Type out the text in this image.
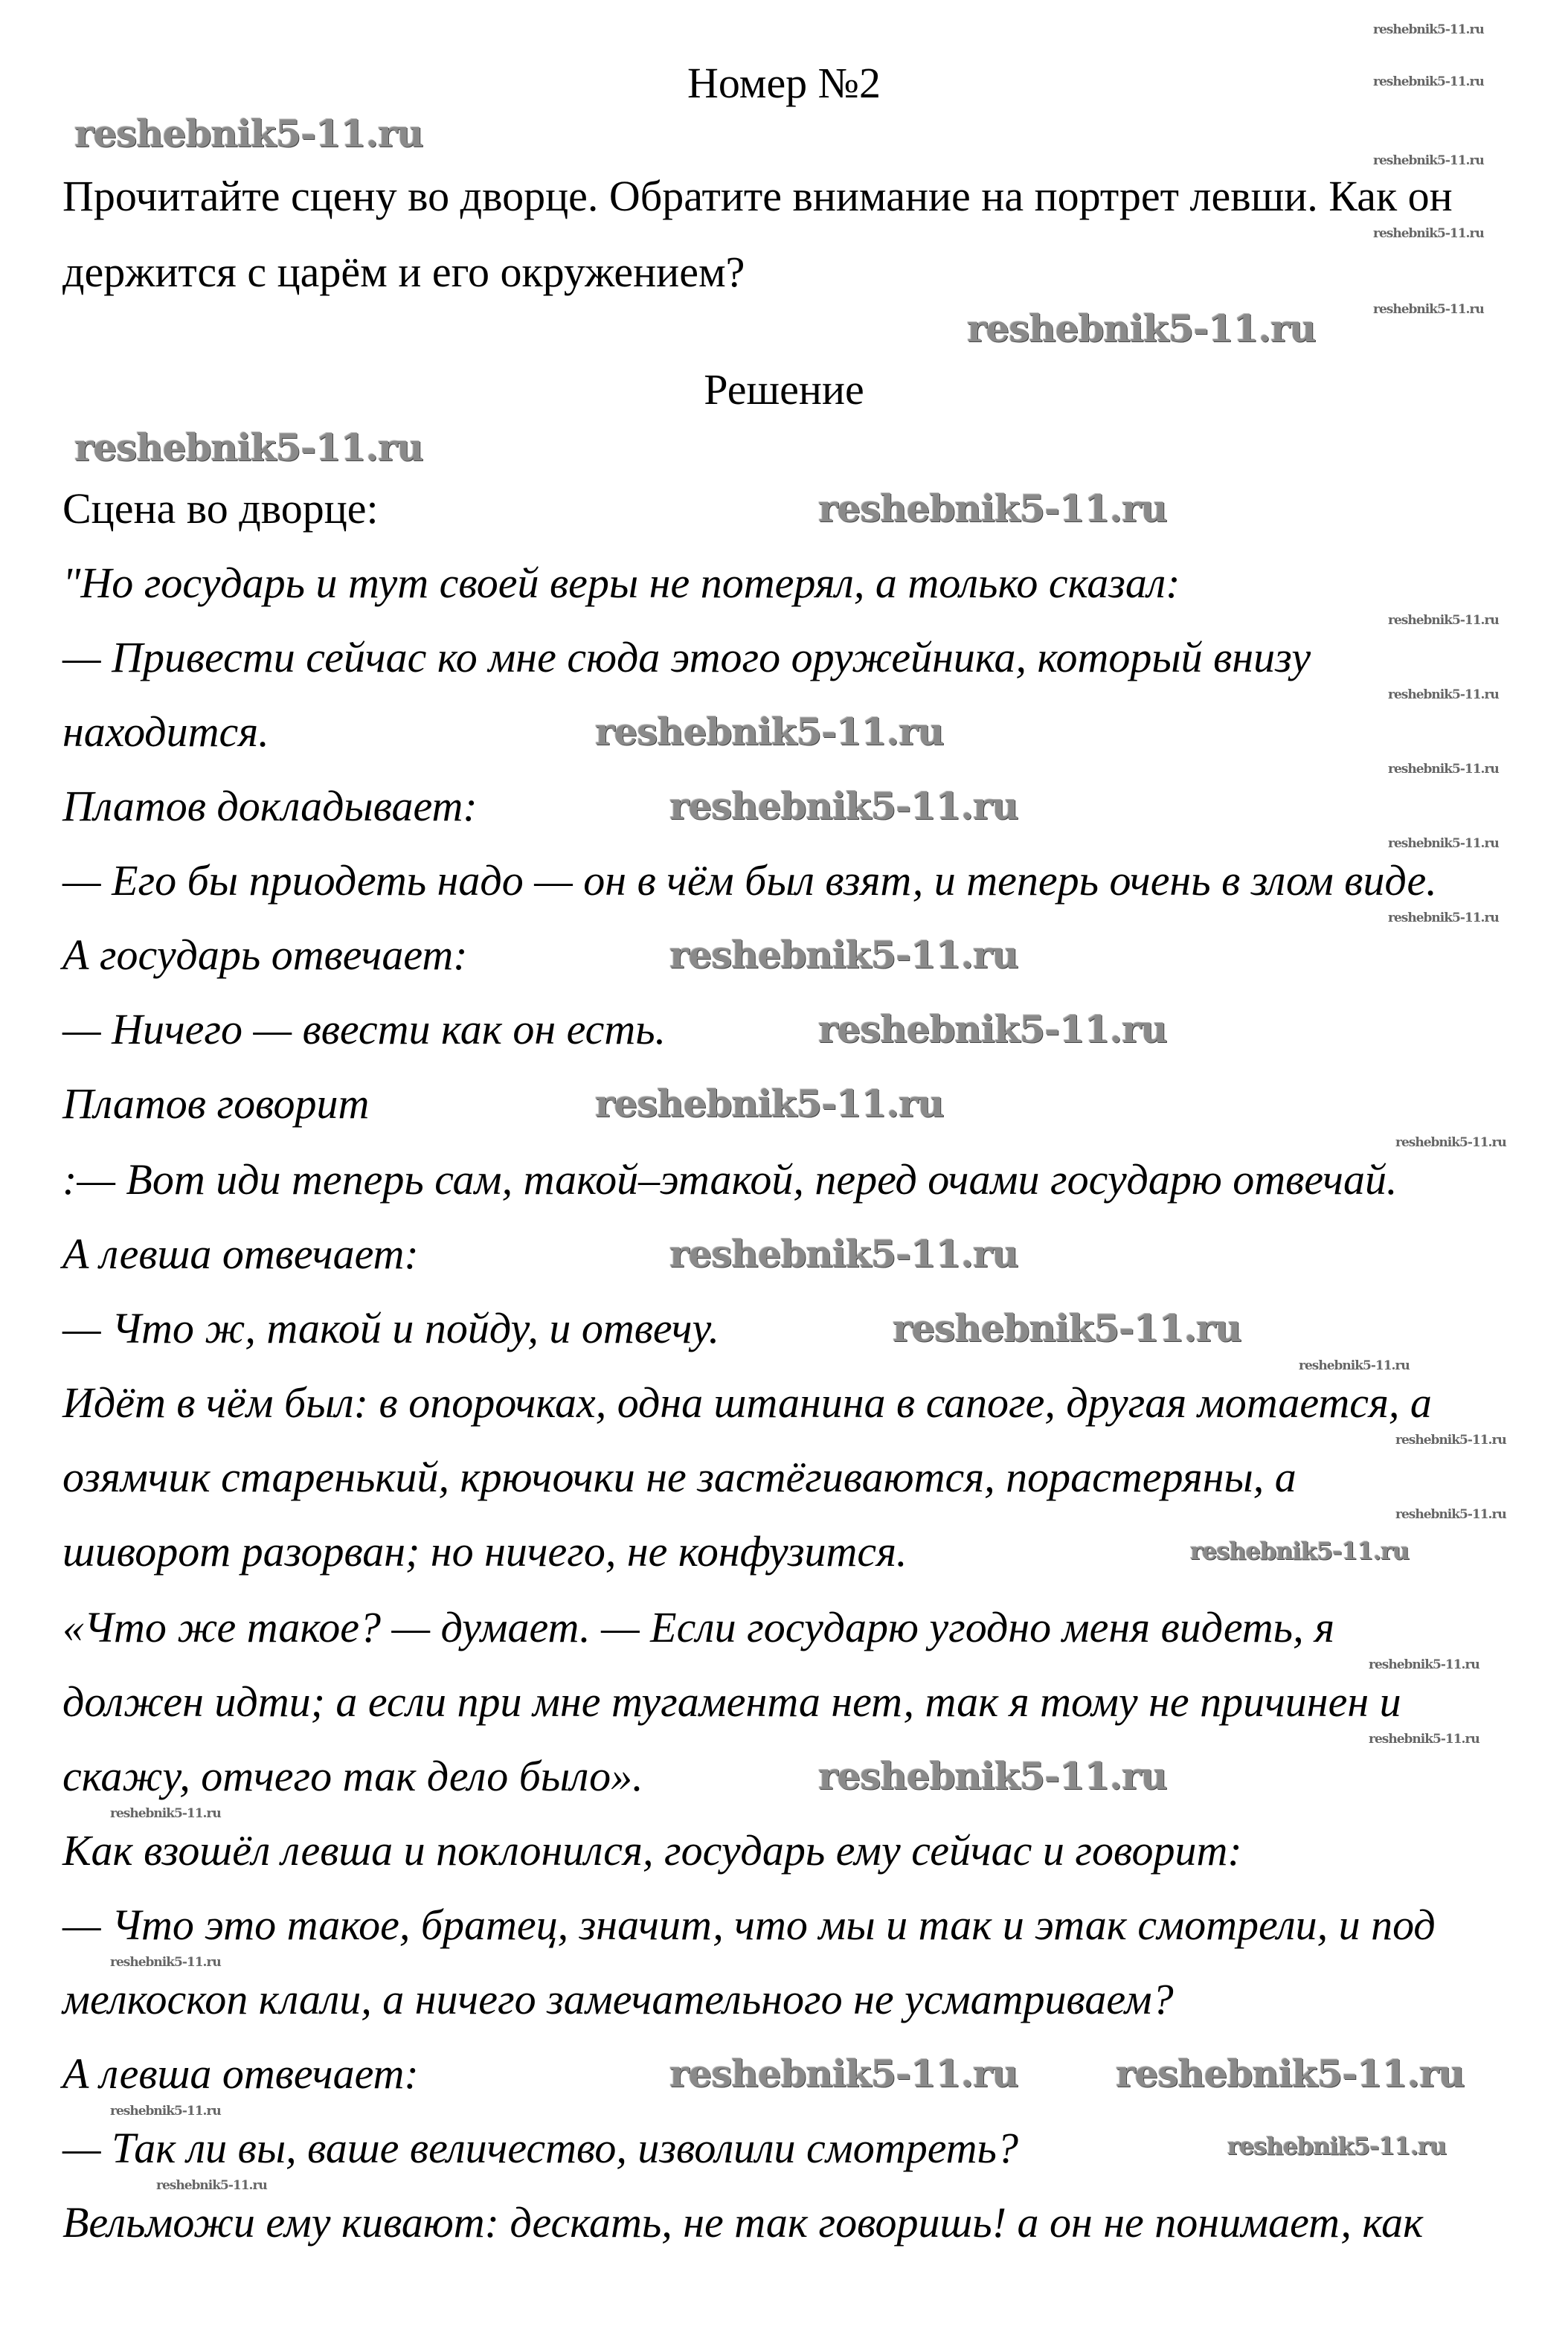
Номер №2
Прочитайте сцену во дворце. Обратите внимание на портрет левши. Как он
держится с царём и его окружением?
Решение
Сцена во дворце:
"Но государь и тут своей веры не потерял, а только сказал:
— Привести сейчас ко мне сюда этого оружейника, который внизу
находится.
Платов докладывает:
— Его бы приодеть надо — он в чём был взят, и теперь очень в злом виде.
А государь отвечает:
— Ничего — ввести как он есть.
Платов говорит
:— Вот иди теперь сам, такой–этакой, перед очами государю отвечай.
А левша отвечает:
— Что ж, такой и пойду, и отвечу.
Идёт в чём был: в опорочках, одна штанина в сапоге, другая мотается, а
озямчик старенький, крючочки не застёгиваются, порастеряны, а
шиворот разорван; но ничего, не конфузится.
«Что же такое? — думает. — Если государю угодно меня видеть, я
должен идти; а если при мне тугамента нет, так я тому не причинен и
скажу, отчего так дело было».
Как взошёл левша и поклонился, государь ему сейчас и говорит:
— Что это такое, братец, значит, что мы и так и этак смотрели, и под
мелкоскоп клали, а ничего замечательного не усматриваем?
А левша отвечает:
— Так ли вы, ваше величество, изволили смотреть?
Вельможи ему кивают: дескать, не так говоришь! а он не понимает, как
reshebnik5-11.ru
reshebnik5-11.ru
reshebnik5-11.ru
reshebnik5-11.ru
reshebnik5-11.ru
reshebnik5-11.ru
reshebnik5-11.ru
reshebnik5-11.ru
reshebnik5-11.ru
reshebnik5-11.ru
reshebnik5-11.ru
reshebnik5-11.ru
reshebnik5-11.ru	reshebnik5-11.ru
reshebnik5-11.ru
reshebnik5-11.ru
reshebnik5-11.ru
reshebnik5-11.ru
reshebnik5-11.ru
reshebnik5-11.ru
reshebnik5-11.ru
reshebnik5-11.ru
reshebnik5-11.ru
reshebnik5-11.ru
reshebnik5-11.ru
reshebnik5-11.ru
reshebnik5-11.ru
reshebnik5-11.ru
reshebnik5-11.ru
reshebnik5-11.ru
reshebnik5-11.ru
reshebnik5-11.ru
reshebnik5-11.ru
reshebnik5-11.ru
reshebnik5-11.ru
reshebnik5-11.ru
